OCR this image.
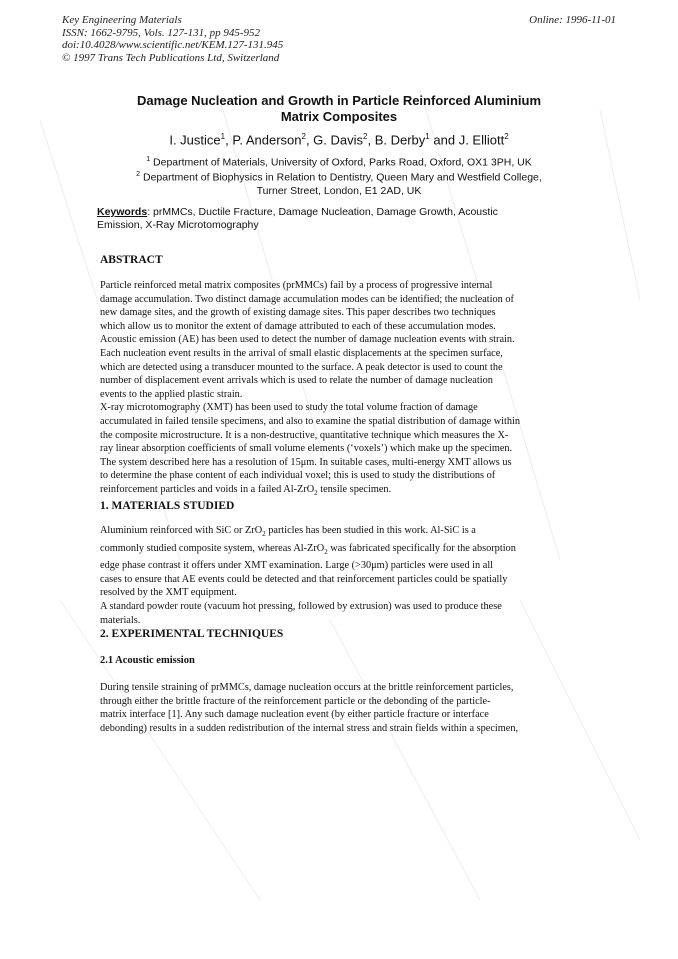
Key Engineering Materials
ISSN: 1662-9795, Vols. 127-131, pp 945-952
doi:10.4028/www.scientific.net/KEM.127-131.945
© 1997 Trans Tech Publications Ltd, Switzerland
Online: 1996-11-01
Damage Nucleation and Growth in Particle Reinforced Aluminium
Matrix Composites
I. Justice$^1$, P. Anderson$^2$, G. Davis$^2$, B. Derby$^1$ and J. Elliott$^2$
$^1$ Department of Materials, University of Oxford, Parks Road, Oxford, OX1 3PH, UK
$^2$ Department of Biophysics in Relation to Dentistry, Queen Mary and Westfield College,
Turner Street, London, E1 2AD, UK
Keywords: prMMCs, Ductile Fracture, Damage Nucleation, Damage Growth, Acoustic Emission, X-Ray Microtomography
ABSTRACT
Particle reinforced metal matrix composites (prMMCs) fail by a process of progressive internal
damage accumulation. Two distinct damage accumulation modes can be identified; the nucleation of
new damage sites, and the growth of existing damage sites. This paper describes two techniques
which allow us to monitor the extent of damage attributed to each of these accumulation modes.
Acoustic emission (AE) has been used to detect the number of damage nucleation events with strain.
Each nucleation event results in the arrival of small elastic displacements at the specimen surface,
which are detected using a transducer mounted to the surface. A peak detector is used to count the
number of displacement event arrivals which is used to relate the number of damage nucleation
events to the applied plastic strain.
X-ray microtomography (XMT) has been used to study the total volume fraction of damage
accumulated in failed tensile specimens, and also to examine the spatial distribution of damage within
the composite microstructure. It is a non-destructive, quantitative technique which measures the X-
ray linear absorption coefficients of small volume elements (‘voxels’) which make up the specimen.
The system described here has a resolution of 15μm. In suitable cases, multi-energy XMT allows us
to determine the phase content of each individual voxel; this is used to study the distributions of
reinforcement particles and voids in a failed Al-ZrO$_2$ tensile specimen.
1. MATERIALS STUDIED
Aluminium reinforced with SiC or ZrO$_2$ particles has been studied in this work. Al-SiC is a
commonly studied composite system, whereas Al-ZrO$_2$ was fabricated specifically for the absorption
edge phase contrast it offers under XMT examination. Large (>30μm) particles were used in all
cases to ensure that AE events could be detected and that reinforcement particles could be spatially
resolved by the XMT equipment.
A standard powder route (vacuum hot pressing, followed by extrusion) was used to produce these
materials.
2. EXPERIMENTAL TECHNIQUES
2.1 Acoustic emission
During tensile straining of prMMCs, damage nucleation occurs at the brittle reinforcement particles,
through either the brittle fracture of the reinforcement particle or the debonding of the particle-
matrix interface [1]. Any such damage nucleation event (by either particle fracture or interface
debonding) results in a sudden redistribution of the internal stress and strain fields within a specimen,
